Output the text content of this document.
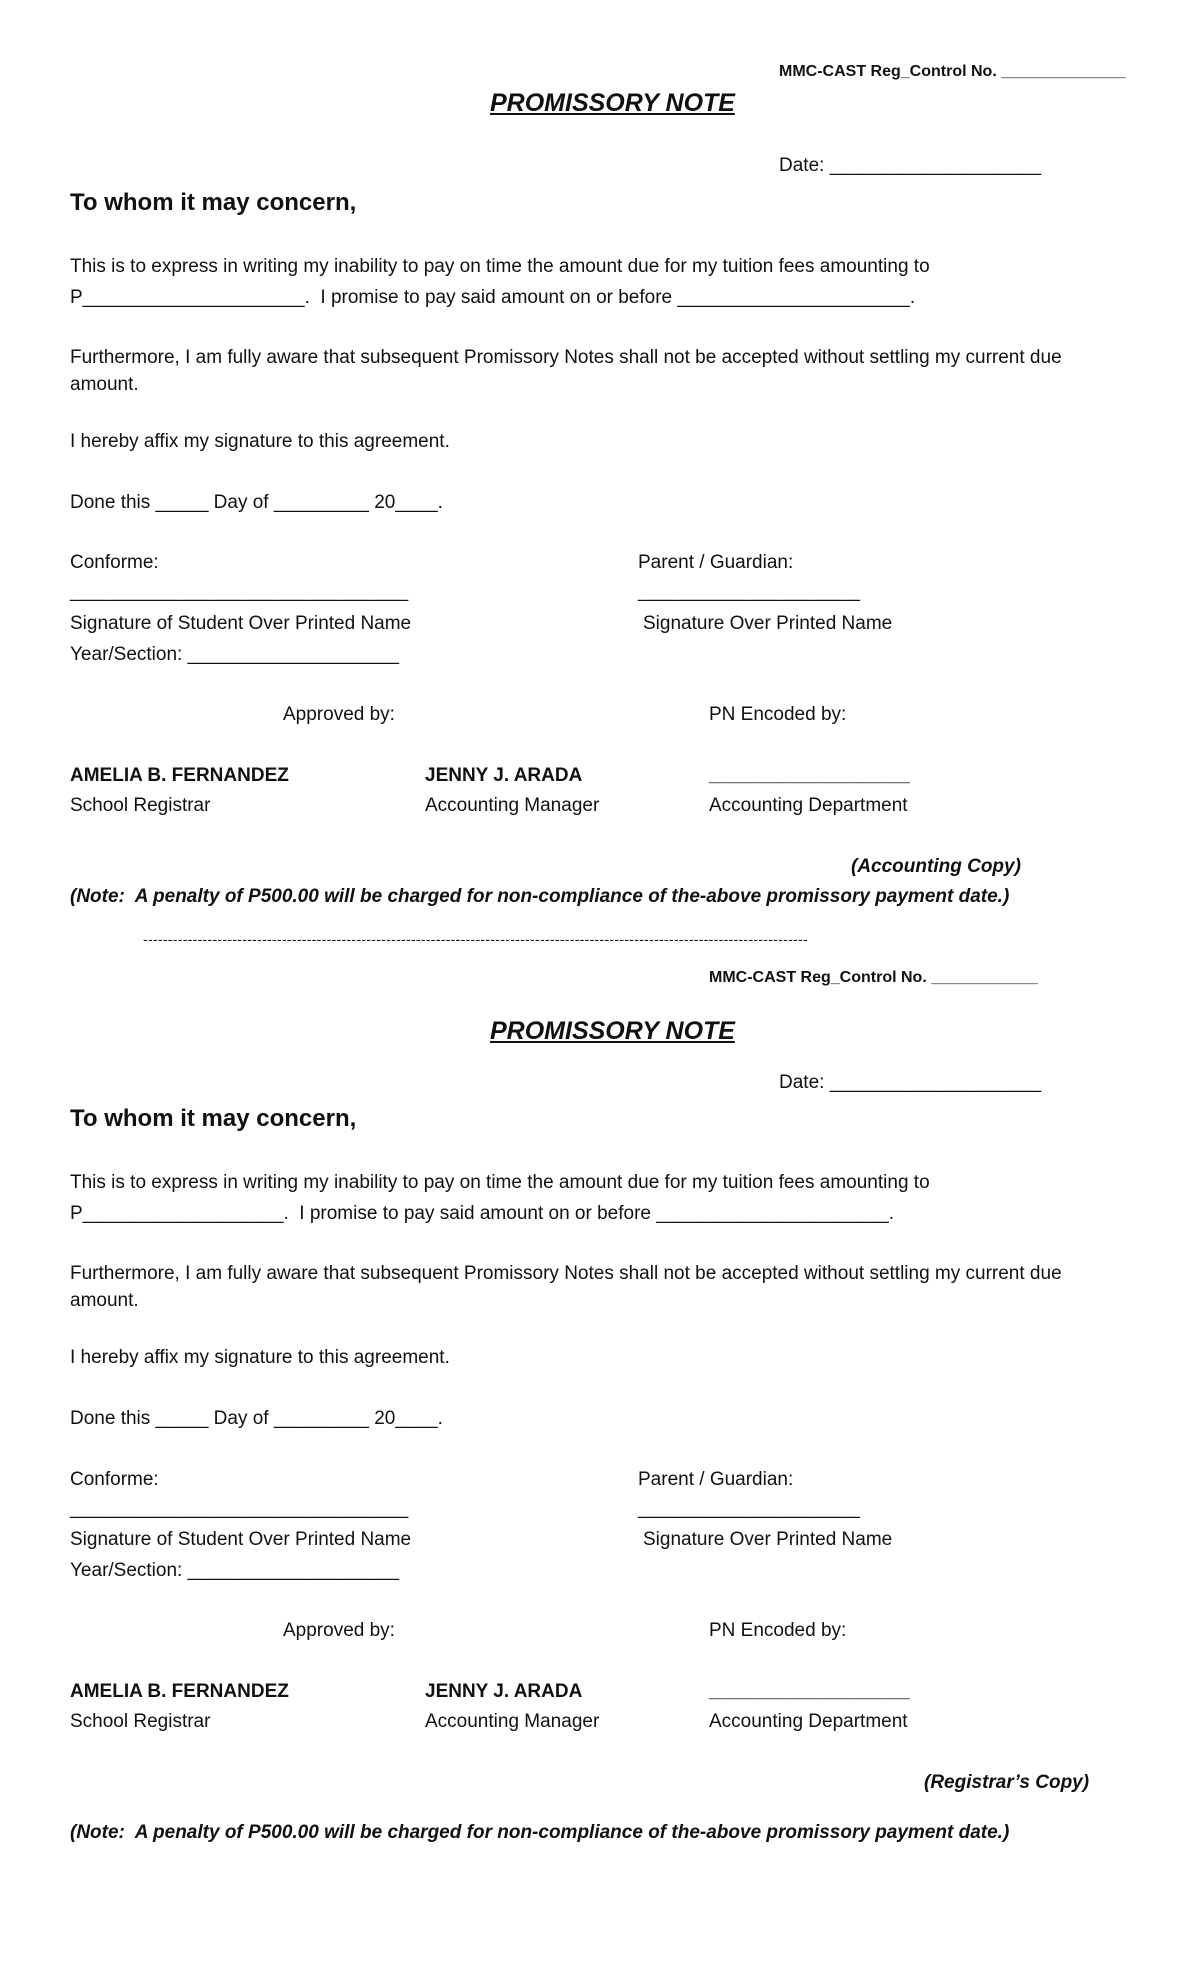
MMC-CAST Reg_Control No. ______________
PROMISSORY NOTE
Date: ____________________
To whom it may concern,
This is to express in writing my inability to pay on time the amount due for my tuition fees amounting to
P_____________________.  I promise to pay said amount on or before ______________________.
Furthermore, I am fully aware that subsequent Promissory Notes shall not be accepted without settling my current due
amount.
I hereby affix my signature to this agreement.
Done this _____ Day of _________ 20____.
Conforme:	Parent / Guardian:
________________________________	_____________________
Signature of Student Over Printed Name	Signature Over Printed Name
Year/Section: ____________________
Approved by:	PN Encoded by:
AMELIA B. FERNANDEZ	JENNY J. ARADA	___________________
School Registrar	Accounting Manager	Accounting Department
(Accounting Copy)
(Note:  A penalty of P500.00 will be charged for non-compliance of the-above promissory payment date.)
--------------------------------------------------------------------------------------------------------------------------------------
MMC-CAST Reg_Control No. ____________
PROMISSORY NOTE
Date: ____________________
To whom it may concern,
This is to express in writing my inability to pay on time the amount due for my tuition fees amounting to
P___________________.  I promise to pay said amount on or before ______________________.
Furthermore, I am fully aware that subsequent Promissory Notes shall not be accepted without settling my current due
amount.
I hereby affix my signature to this agreement.
Done this _____ Day of _________ 20____.
Conforme:	Parent / Guardian:
________________________________	_____________________
Signature of Student Over Printed Name	Signature Over Printed Name
Year/Section: ____________________
Approved by:	PN Encoded by:
AMELIA B. FERNANDEZ	JENNY J. ARADA	___________________
School Registrar	Accounting Manager	Accounting Department
(Registrar’s Copy)
(Note:  A penalty of P500.00 will be charged for non-compliance of the-above promissory payment date.)
